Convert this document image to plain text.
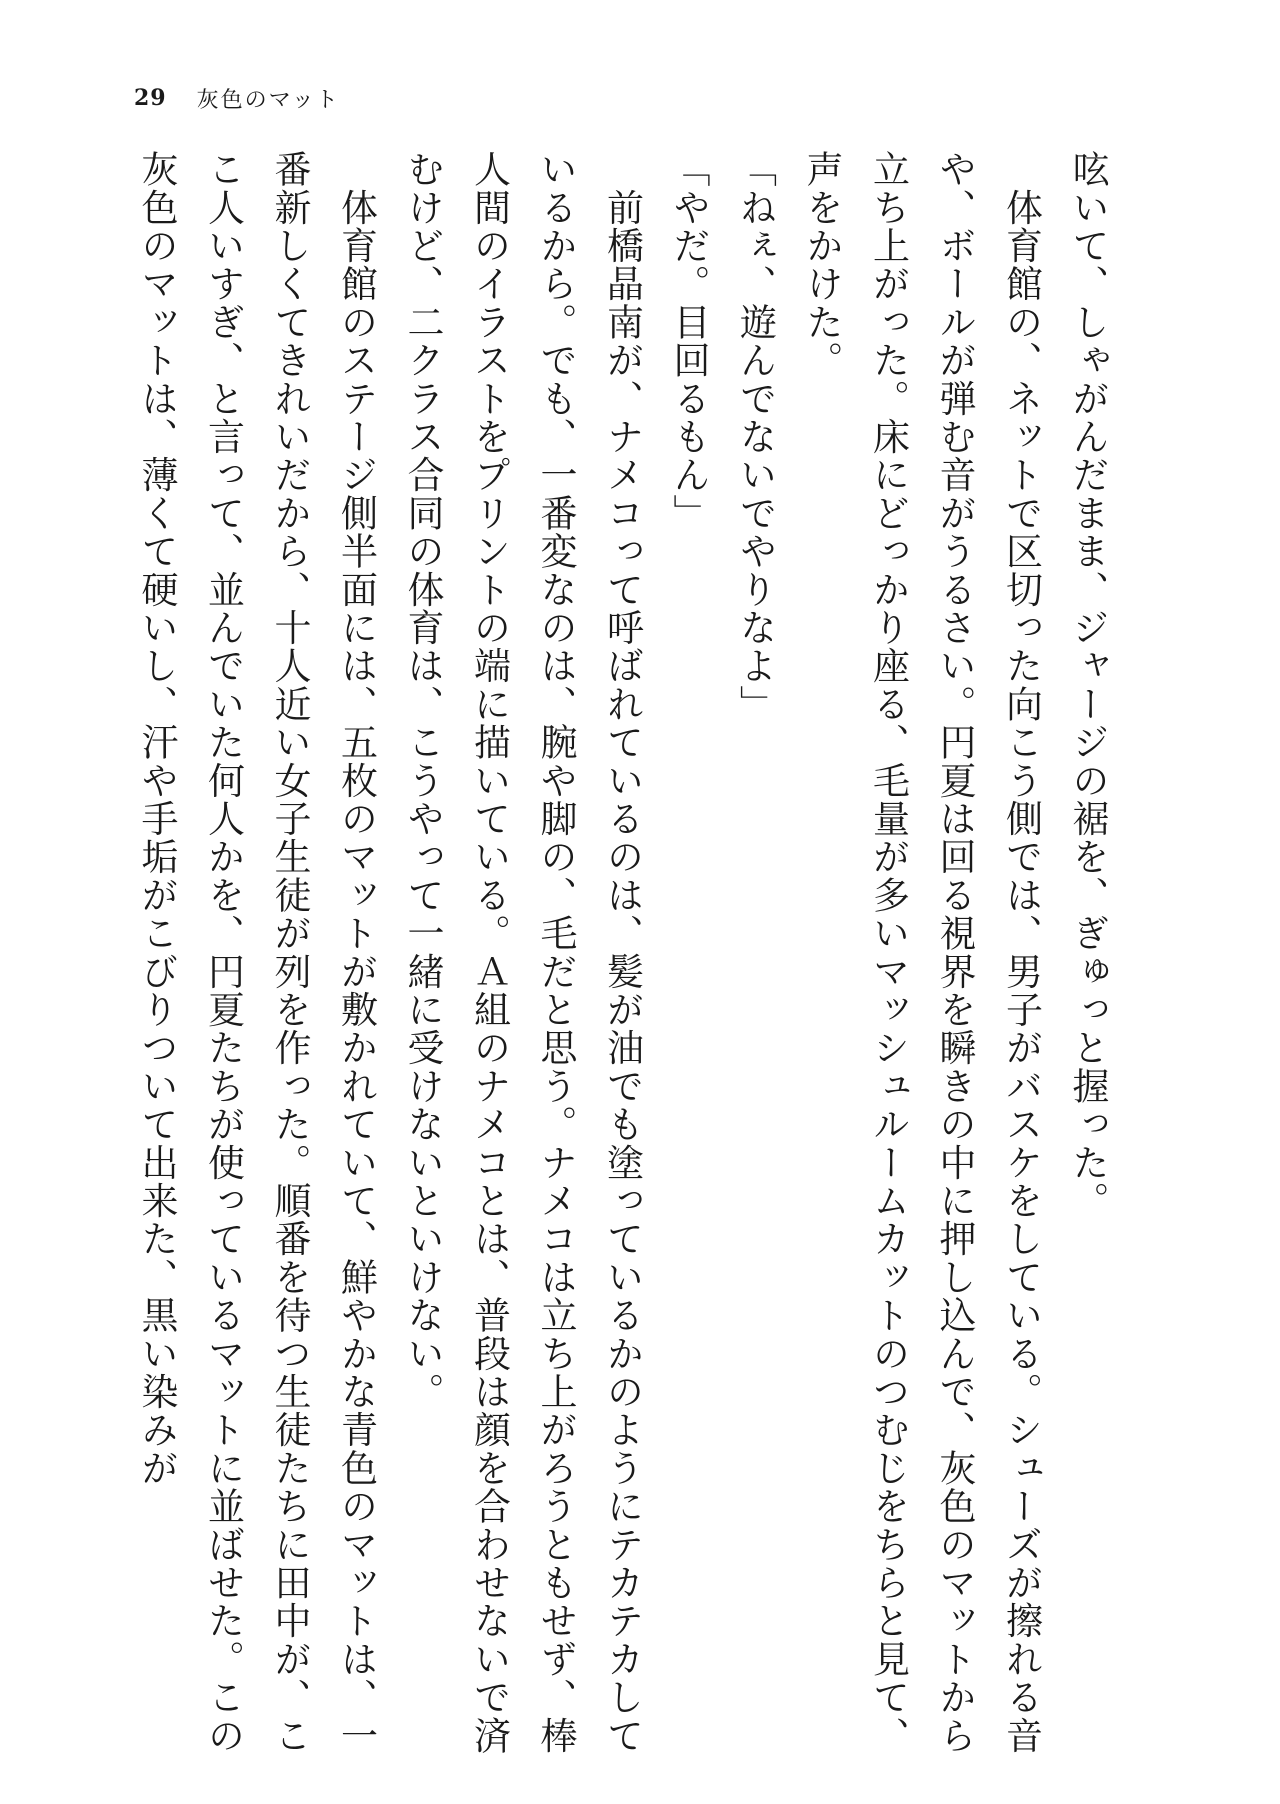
29 灰色のマット

呟いて、しゃがんだまま、ジャージの裾を、ぎゅっと握った。

　体育館の、ネットで区切った向こう側では、男子がバスケをしている。シューズが擦れる音や、ボールが弾む音がうるさい。円夏は回る視界を瞬きの中に押し込んで、灰色のマットから立ち上がった。床にどっかり座る、毛量が多いマッシュルームカットのつむじをちらと見て、声をかけた。

「ねぇ、遊んでないでやりなよ」

「やだ。目回るもん」

　前橋晶南が、ナメコって呼ばれているのは、髪が油でも塗っているかのようにテカテカしているから。でも、一番変なのは、腕や脚の、毛だと思う。ナメコは立ち上がろうともせず、棒人間のイラストをプリントの端に描いている。Ａ組のナメコとは、普段は顔を合わせないで済むけど、二クラス合同の体育は、こうやって一緒に受けないといけない。

　体育館のステージ側半面には、五枚のマットが敷かれていて、鮮やかな青色のマットは、一番新しくてきれいだから、十人近い女子生徒が列を作った。順番を待つ生徒たちに田中が、ここ人いすぎ、と言って、並んでいた何人かを、円夏たちが使っているマットに並ばせた。この灰色のマットは、薄くて硬いし、汗や手垢がこびりついて出来た、黒い染みが
